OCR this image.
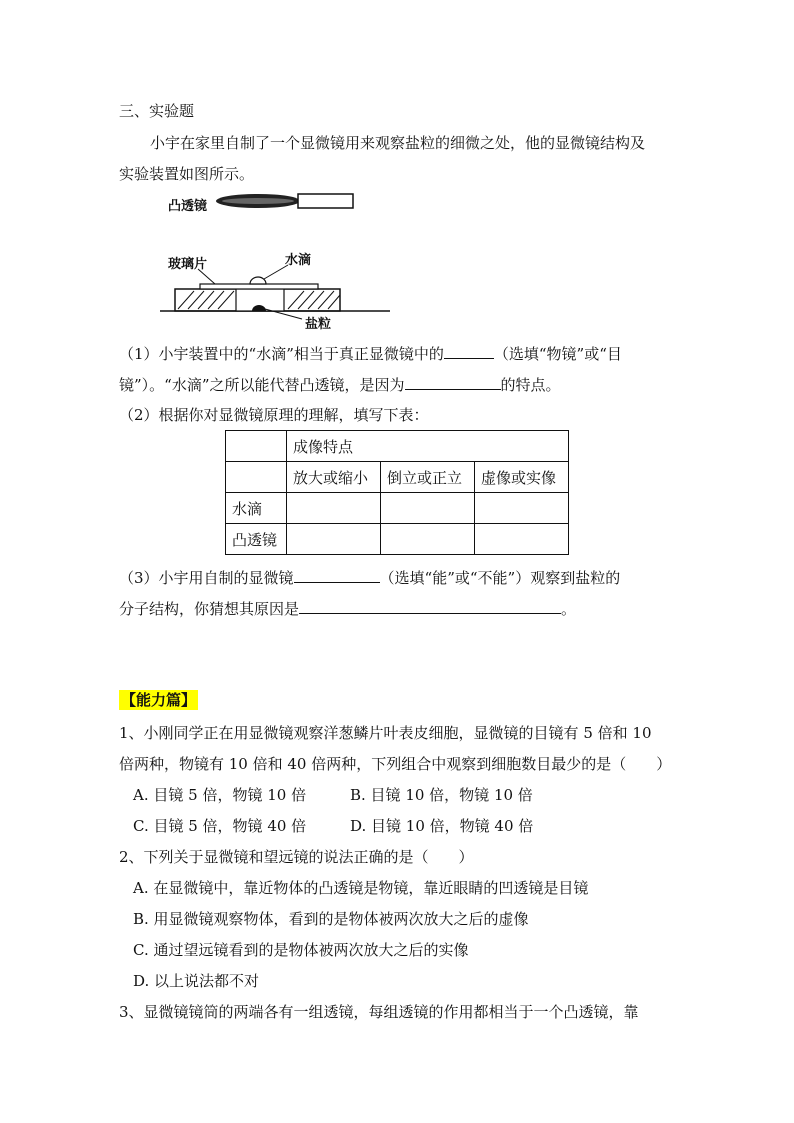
三、实验题
小宇在家里自制了一个显微镜用来观察盐粒的细微之处，他的显微镜结构及
实验装置如图所示。
凸透镜
玻璃片	水滴
盐粒
（1）小宇装置中的“水滴”相当于真正显微镜中的	（选填“物镜”或“目
镜”）。“水滴”之所以能代替凸透镜，是因为	的特点。
（2）根据你对显微镜原理的理解，填写下表：
	成像特点		
	放大或缩小	倒立或正立	虚像或实像
水滴			
凸透镜			
（3）小宇用自制的显微镜	（选填“能”或“不能”）观察到盐粒的
分子结构，你猜想其原因是	。
【能力篇】
1、小刚同学正在用显微镜观察洋葱鳞片叶表皮细胞，显微镜的目镜有 5 倍和 10
倍两种，物镜有 10 倍和 40 倍两种，下列组合中观察到细胞数目最少的是（　　）
A. 目镜 5 倍，物镜 10 倍	B. 目镜 10 倍，物镜 10 倍
C. 目镜 5 倍，物镜 40 倍	D. 目镜 10 倍，物镜 40 倍
2、下列关于显微镜和望远镜的说法正确的是（　　）
A. 在显微镜中，靠近物体的凸透镜是物镜，靠近眼睛的凹透镜是目镜
B. 用显微镜观察物体，看到的是物体被两次放大之后的虚像
C. 通过望远镜看到的是物体被两次放大之后的实像
D. 以上说法都不对
3、显微镜镜筒的两端各有一组透镜，每组透镜的作用都相当于一个凸透镜，靠
